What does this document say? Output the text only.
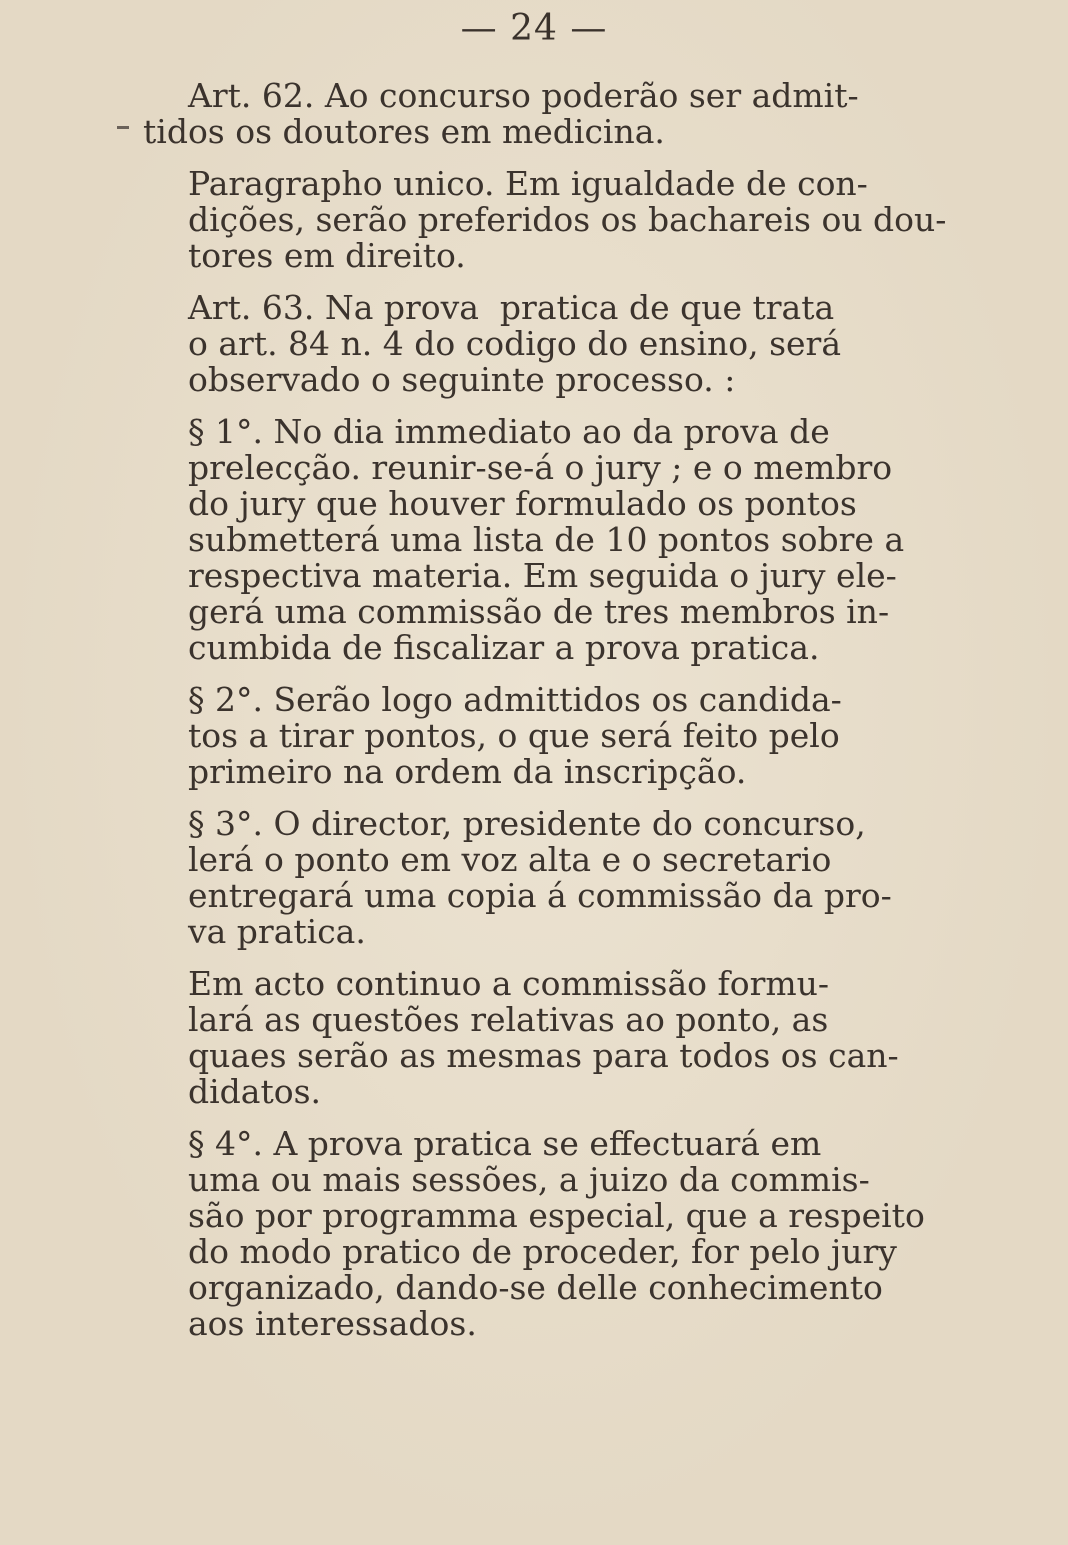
— 24 —

Art. 62. Ao concurso poderão ser admit-
tidos os doutores em medicina.

Paragrapho unico. Em igualdade de con-
dições, serão preferidos os bachareis ou dou-
tores em direito.

Art. 63. Na prova  pratica de que trata
o art. 84 n. 4 do codigo do ensino, será
observado o seguinte processo. :

§ 1°. No dia immediato ao da prova de
prelecção. reunir-se-á o jury ; e o membro
do jury que houver formulado os pontos
submetterá uma lista de 10 pontos sobre a
respectiva materia. Em seguida o jury ele-
gerá uma commissão de tres membros in-
cumbida de fiscalizar a prova pratica.

§ 2°. Serão logo admittidos os candida-
tos a tirar pontos, o que será feito pelo
primeiro na ordem da inscripção.

§ 3°. O director, presidente do concurso,
lerá o ponto em voz alta e o secretario
entregará uma copia á commissão da pro-
va pratica.

Em acto continuo a commissão formu-
lará as questões relativas ao ponto, as
quaes serão as mesmas para todos os can-
didatos.

§ 4°. A prova pratica se effectuará em
uma ou mais sessões, a juizo da commis-
são por programma especial, que a respeito
do modo pratico de proceder, for pelo jury
organizado, dando-se delle conhecimento
aos interessados.
